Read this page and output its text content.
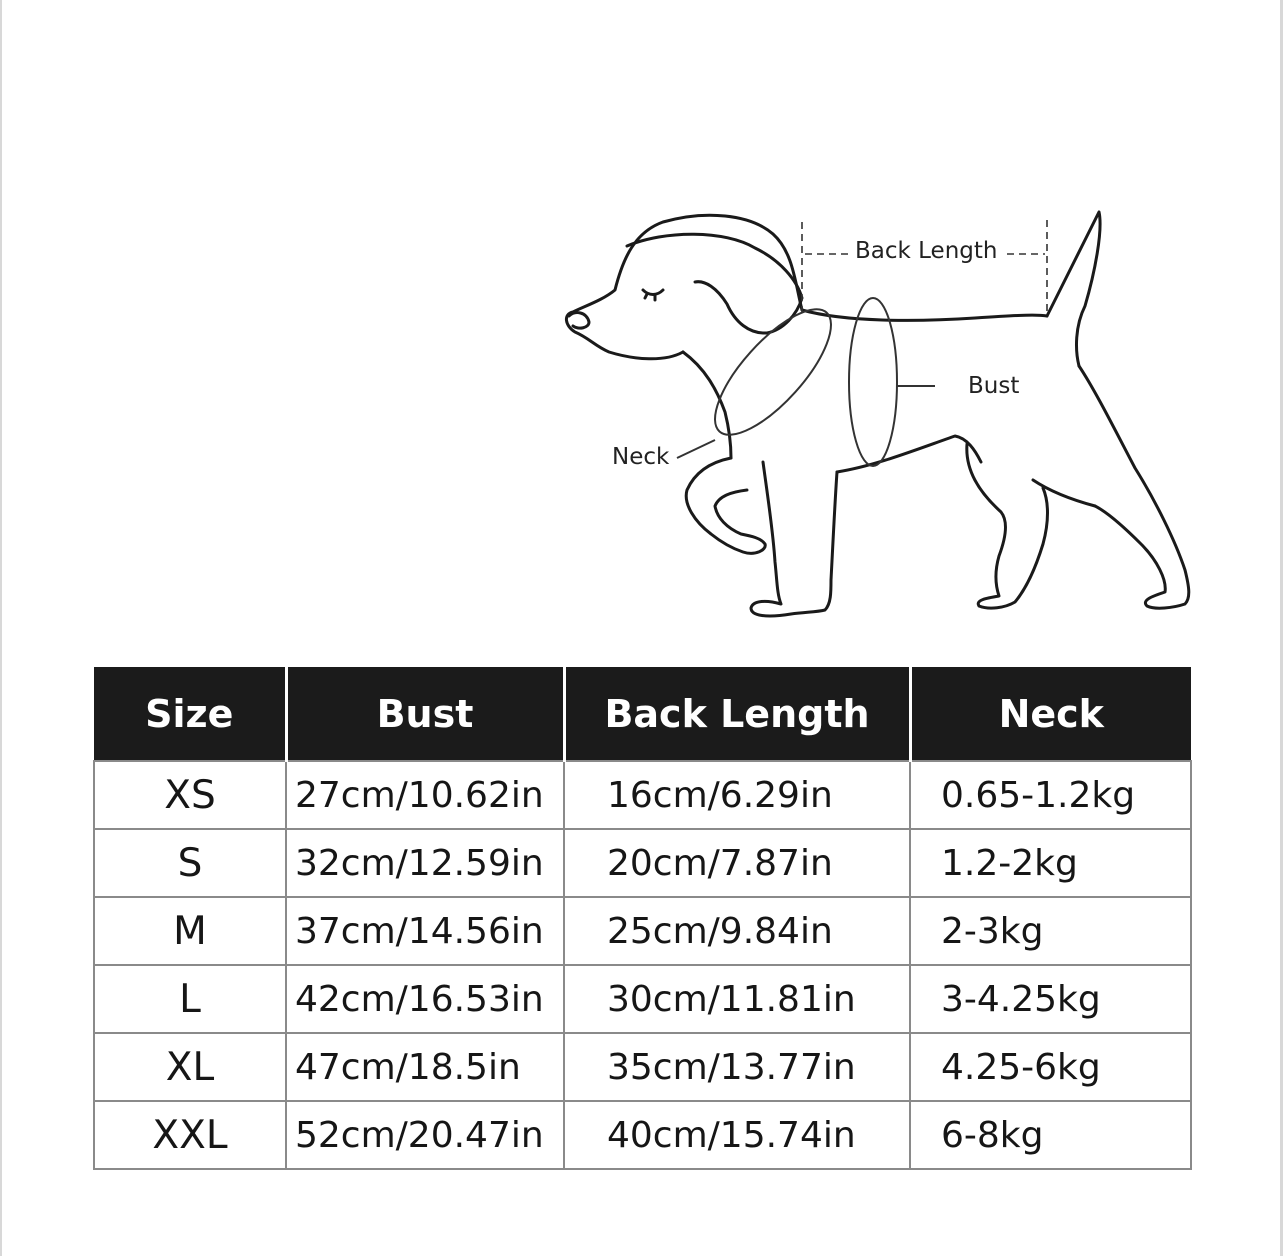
Back Length
Bust
Neck
Size	Bust	Back Length	Neck
XS	27cm/10.62in	16cm/6.29in	0.65-1.2kg
S	32cm/12.59in	20cm/7.87in	1.2-2kg
M	37cm/14.56in	25cm/9.84in	2-3kg
L	42cm/16.53in	30cm/11.81in	3-4.25kg
XL	47cm/18.5in	35cm/13.77in	4.25-6kg
XXL	52cm/20.47in	40cm/15.74in	6-8kg
